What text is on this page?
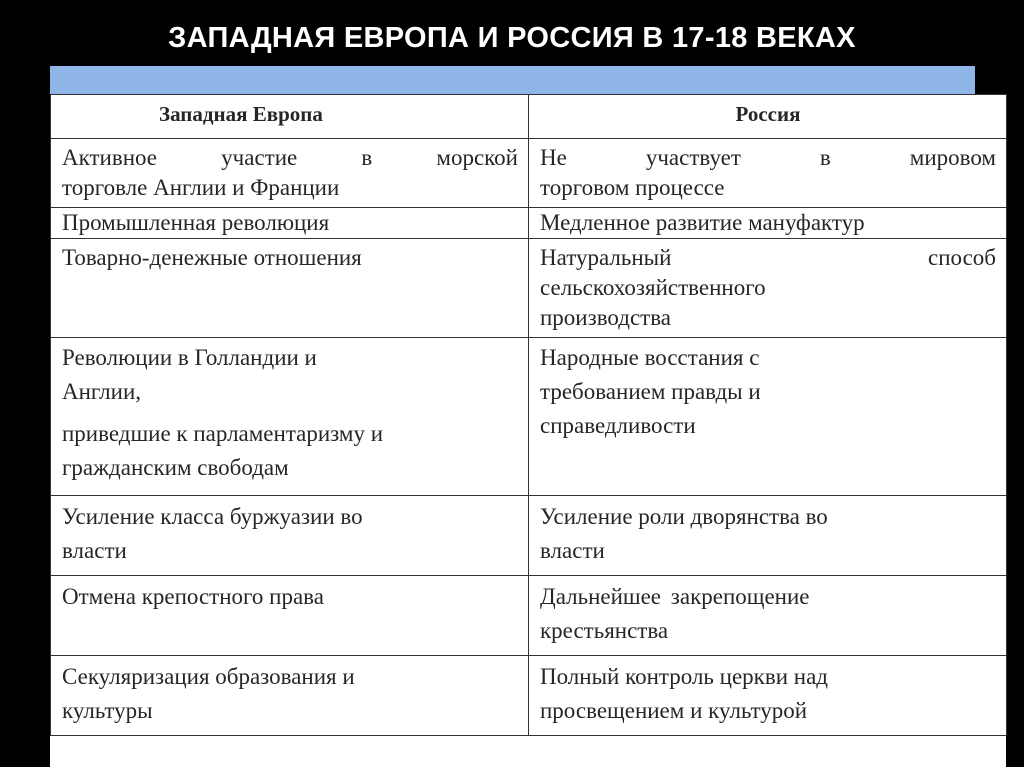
ЗАПАДНАЯ ЕВРОПА И РОССИЯ В 17-18 ВЕКАХ
Западная Европа	Россия

Активное участие в морской
торговле Англии и Франции	Не участвует в мировом
торговом процессе

Промышленная революция	Медленное развитие мануфактур

Товарно-денежные отношения	Натуральный способ
сельскохозяйственного
производства

Революции в Голландии и
Англии,
приведшие к парламентаризму и
гражданским свободам	Народные восстания с
требованием правды и
справедливости

Усиление класса буржуазии во
власти	Усиление роли дворянства во
власти

Отмена крепостного права	Дальнейшее закрепощение
крестьянства

Секуляризация образования и
культуры	Полный контроль церкви над
просвещением и культурой
